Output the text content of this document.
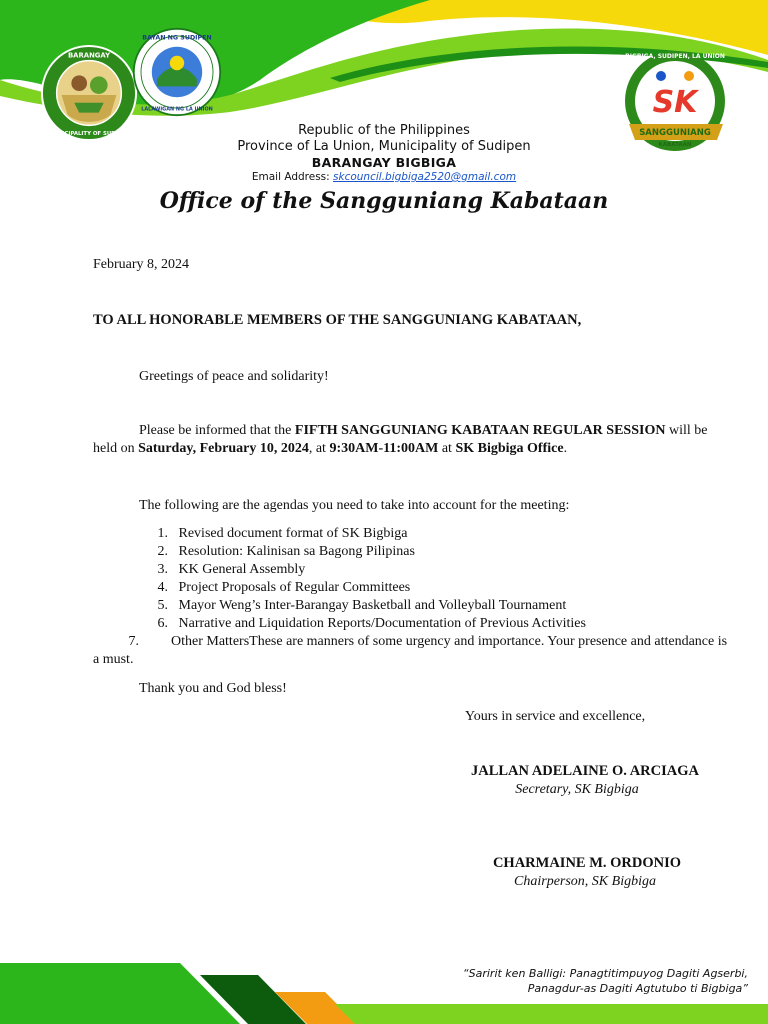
BARANGAY
MUNICIPALITY OF SUDIPEN
BAYAN NG SUDIPEN
LALAWIGAN NG LA UNION
BIGBIGA, SUDIPEN, LA UNION
SK
SANGGUNIANG
KABATAAN
Republic of the Philippines
Province of La Union, Municipality of Sudipen
BARANGAY BIGBIGA
Email Address: skcouncil.bigbiga2520@gmail.com
Office of the Sangguniang Kabataan
February 8, 2024
TO ALL HONORABLE MEMBERS OF THE SANGGUNIANG KABATAAN,
Greetings of peace and solidarity!
Please be informed that the FIFTH SANGGUNIANG KABATAAN REGULAR SESSION will be held on Saturday, February 10, 2024, at 9:30AM-11:00AM at SK Bigbiga Office.
The following are the agendas you need to take into account for the meeting:
1. Revised document format of SK Bigbiga
2. Resolution: Kalinisan sa Bagong Pilipinas
3. KK General Assembly
4. Project Proposals of Regular Committees
5. Mayor Weng’s Inter-Barangay Basketball and Volleyball Tournament
6. Narrative and Liquidation Reports/Documentation of Previous Activities
7. Other MattersThese are manners of some urgency and importance. Your presence and attendance is a must.
Thank you and God bless!
Yours in service and excellence,
JALLAN ADELAINE O. ARCIAGA
Secretary, SK Bigbiga
CHARMAINE M. ORDONIO
Chairperson, SK Bigbiga
“Saririt ken Balligi: Panagtitimpuyog Dagiti Agserbi,
Panagdur-as Dagiti Agtutubo ti Bigbiga”
